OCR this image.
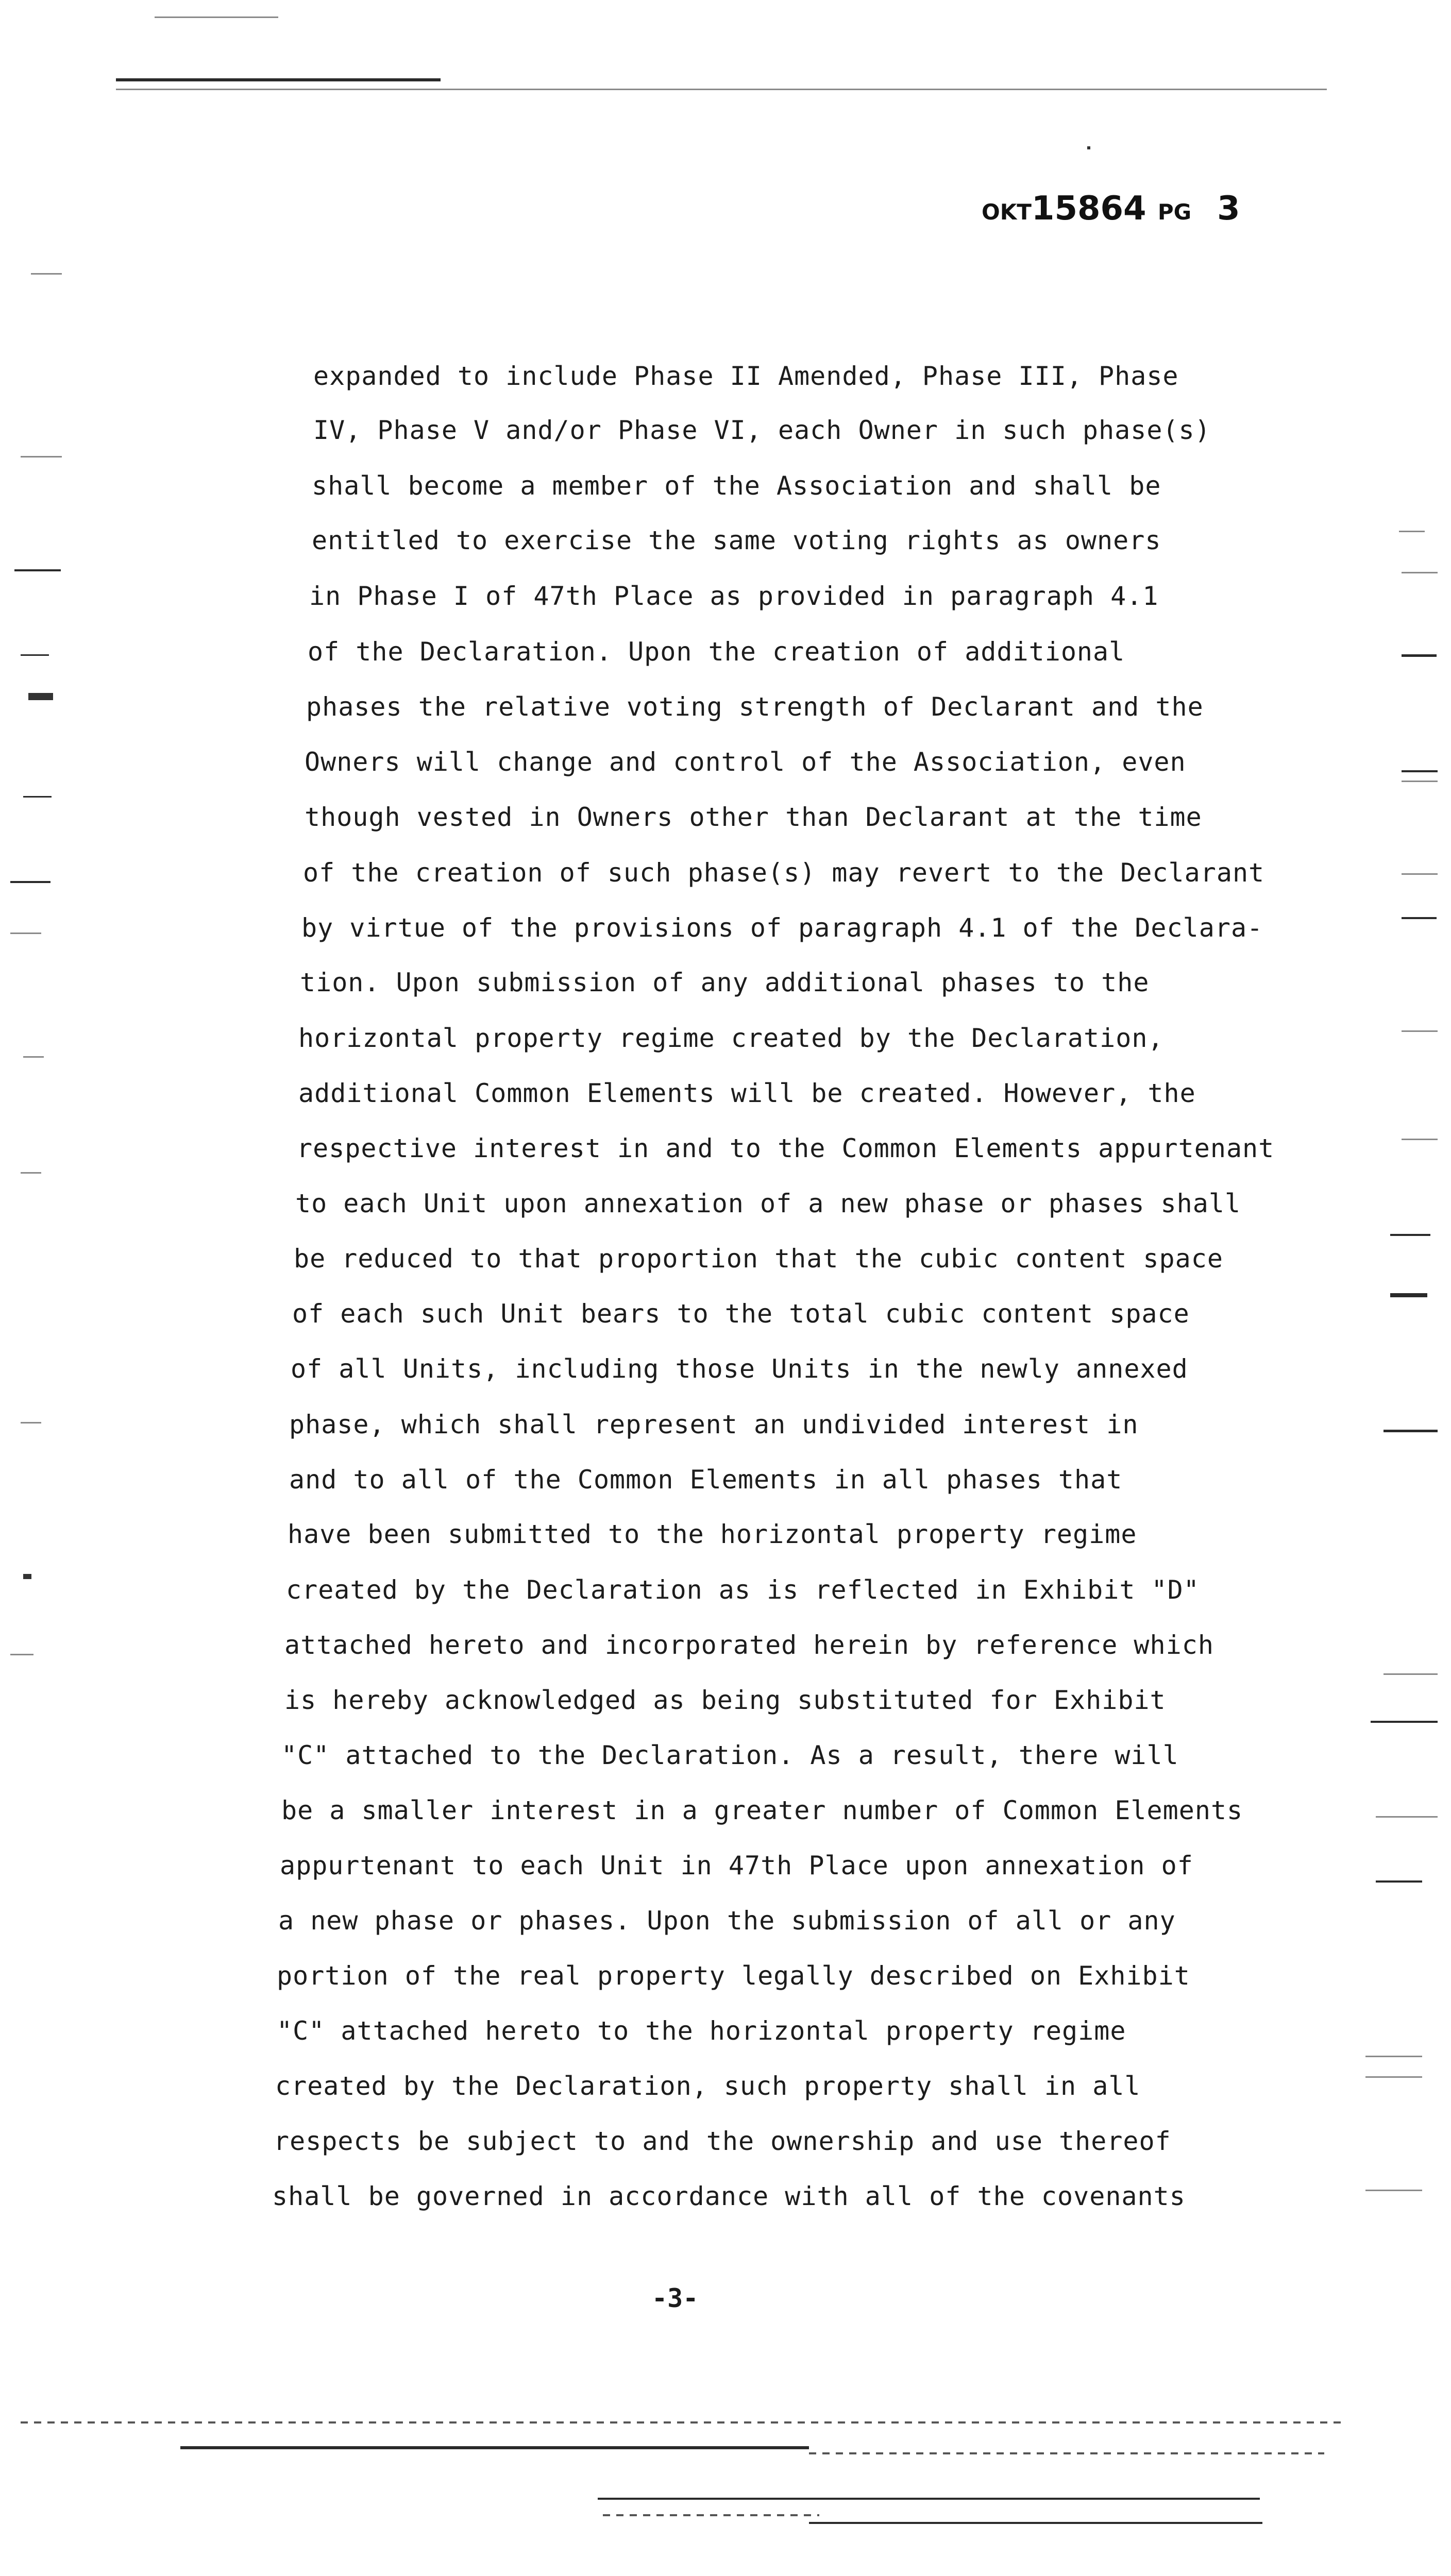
OKT15864 PG 3
expanded to include Phase II Amended, Phase III, Phase
IV, Phase V and/or Phase VI, each Owner in such phase(s)
shall become a member of the Association and shall be
entitled to exercise the same voting rights as owners
in Phase I of 47th Place as provided in paragraph 4.1
of the Declaration. Upon the creation of additional
phases the relative voting strength of Declarant and the
Owners will change and control of the Association, even
though vested in Owners other than Declarant at the time
of the creation of such phase(s) may revert to the Declarant
by virtue of the provisions of paragraph 4.1 of the Declara-
tion. Upon submission of any additional phases to the
horizontal property regime created by the Declaration,
additional Common Elements will be created. However, the
respective interest in and to the Common Elements appurtenant
to each Unit upon annexation of a new phase or phases shall
be reduced to that proportion that the cubic content space
of each such Unit bears to the total cubic content space
of all Units, including those Units in the newly annexed
phase, which shall represent an undivided interest in
and to all of the Common Elements in all phases that
have been submitted to the horizontal property regime
created by the Declaration as is reflected in Exhibit "D"
attached hereto and incorporated herein by reference which
is hereby acknowledged as being substituted for Exhibit
"C" attached to the Declaration. As a result, there will
be a smaller interest in a greater number of Common Elements
appurtenant to each Unit in 47th Place upon annexation of
a new phase or phases. Upon the submission of all or any
portion of the real property legally described on Exhibit
"C" attached hereto to the horizontal property regime
created by the Declaration, such property shall in all
respects be subject to and the ownership and use thereof
shall be governed in accordance with all of the covenants
-3-
